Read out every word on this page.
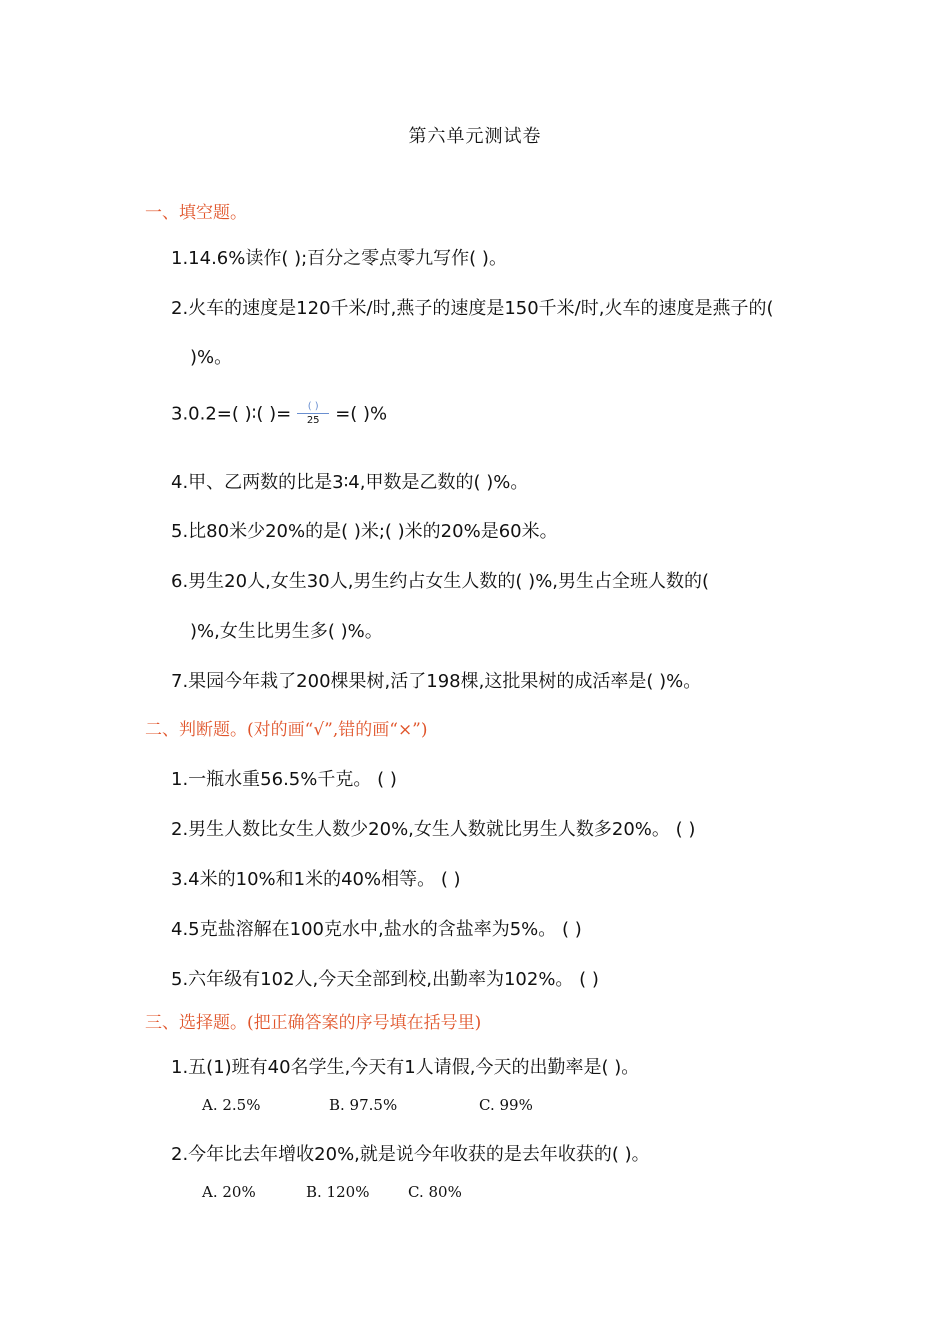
第六单元测试卷
一、填空题。
1.14.6%读作( );百分之零点零九写作( )。
2.火车的速度是120千米/时,燕子的速度是150千米/时,火车的速度是燕子的(
)%。
3.0.2=( )∶( )= $\frac{( )}{25}$ =( )%
4.甲、乙两数的比是3∶4,甲数是乙数的( )%。
5.比80米少20%的是( )米;( )米的20%是60米。
6.男生20人,女生30人,男生约占女生人数的( )%,男生占全班人数的(
)%,女生比男生多( )%。
7.果园今年栽了200棵果树,活了198棵,这批果树的成活率是( )%。
二、判断题。(对的画“√”,错的画“×”)
1.一瓶水重56.5%千克。 ( )
2.男生人数比女生人数少20%,女生人数就比男生人数多20%。 ( )
3.4米的10%和1米的40%相等。 ( )
4.5克盐溶解在100克水中,盐水的含盐率为5%。 ( )
5.六年级有102人,今天全部到校,出勤率为102%。 ( )
三、选择题。(把正确答案的序号填在括号里)
1.五(1)班有40名学生,今天有1人请假,今天的出勤率是( )。
A. 2.5%	B. 97.5%	C. 99%
2.今年比去年增收20%,就是说今年收获的是去年收获的( )。
A. 20%	B. 120%	C. 80%
